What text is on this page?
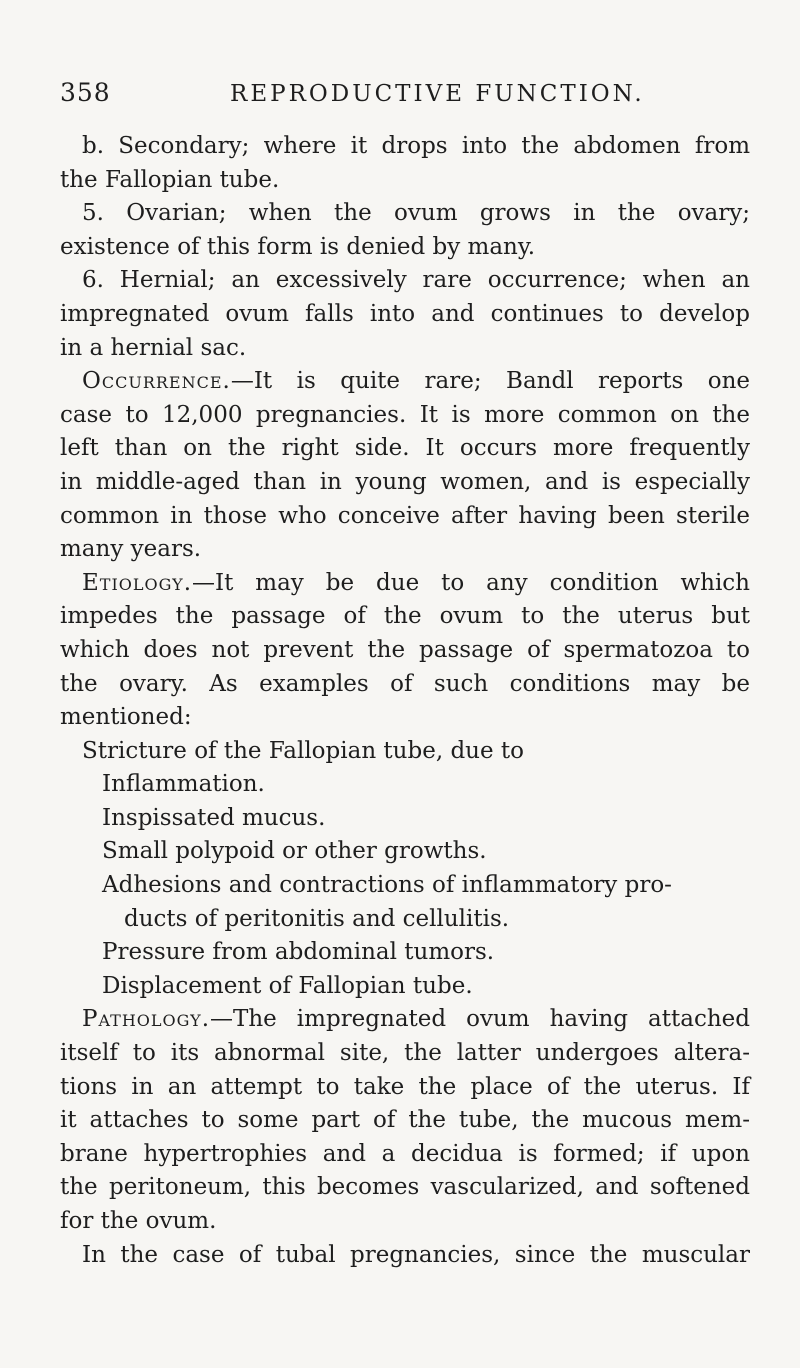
358	REPRODUCTIVE FUNCTION.
b. Secondary; where it drops into the abdomen from
the Fallopian tube.
5. Ovarian; when the ovum grows in the ovary;
existence of this form is denied by many.
6. Hernial; an excessively rare occurrence; when an
impregnated ovum falls into and continues to develop
in a hernial sac.
Occurrence.—It is quite rare; Bandl reports one
case to 12,000 pregnancies. It is more common on the
left than on the right side. It occurs more frequently
in middle-aged than in young women, and is especially
common in those who conceive after having been sterile
many years.
Etiology.—It may be due to any condition which
impedes the passage of the ovum to the uterus but
which does not prevent the passage of spermatozoa to
the ovary. As examples of such conditions may be
mentioned:
Stricture of the Fallopian tube, due to
Inflammation.
Inspissated mucus.
Small polypoid or other growths.
Adhesions and contractions of inflammatory pro-
ducts of peritonitis and cellulitis.
Pressure from abdominal tumors.
Displacement of Fallopian tube.
Pathology.—The impregnated ovum having attached
itself to its abnormal site, the latter undergoes altera-
tions in an attempt to take the place of the uterus. If
it attaches to some part of the tube, the mucous mem-
brane hypertrophies and a decidua is formed; if upon
the peritoneum, this becomes vascularized, and softened
for the ovum.
In the case of tubal pregnancies, since the muscular
